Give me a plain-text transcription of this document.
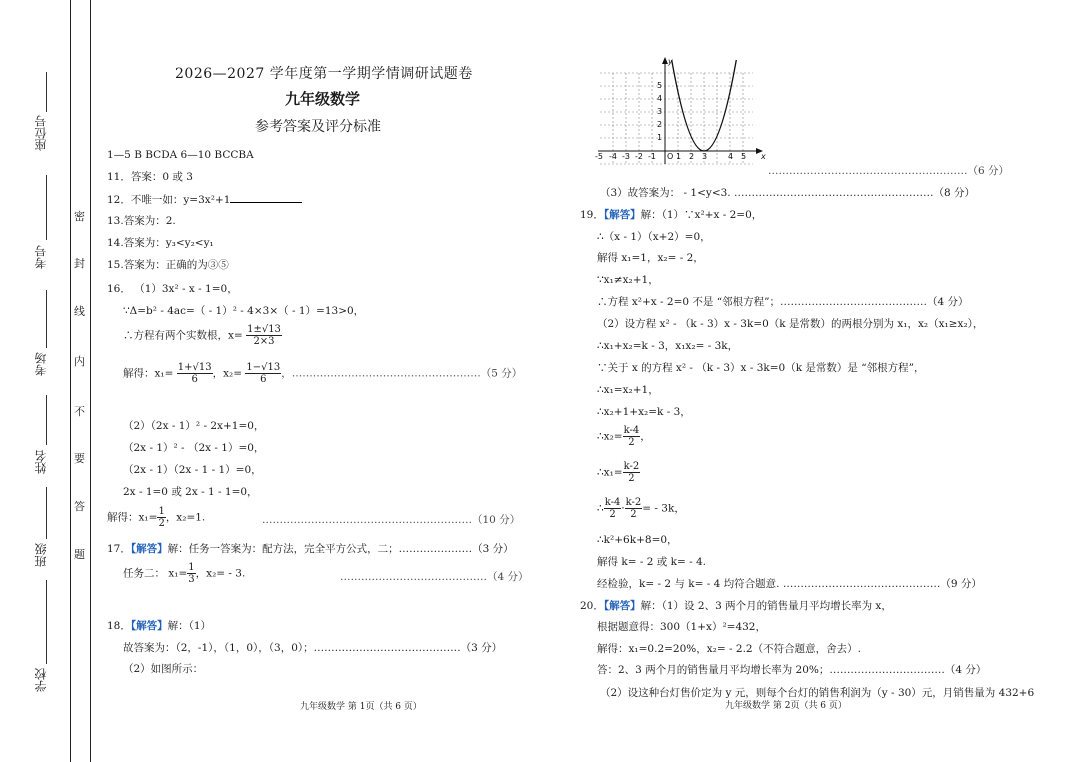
座位号
考号
考场
姓名
班级
学校
密
封
线
内
不
要
答
题
2026—2027 学年度第一学期学情调研试题卷
九年级数学
参考答案及评分标准
1—5 B BCDA 6—10 BCCBA
11．答案：0 或 3
12．不唯一如：y=3x²+1
13.答案为：2.
14.答案为：y₃<y₂<y₁
15.答案为：正确的为③⑤
16． （1）3x² - x - 1=0，
∵Δ=b² - 4ac=（ - 1）² - 4×3×（ - 1）=13>0，
∴方程有两个实数根，$x= \frac{1\pm√13}{2\times 3}$
解得：$x_1= \frac{1+√13}{6}$ ，$x_2= \frac{1-√13}{6}$ ，………………………………………………（5 分）
（2）（2x - 1）² - 2x+1=0，
（2x - 1）² - （2x - 1）=0，
（2x - 1）（2x - 1 - 1）=0，
2x - 1=0 或 2x - 1 - 1=0，
解得：$x_1= \frac{1}{2}$ ，x₂=1.	……………………………………………………（10 分）
17．【解答】解：任务一答案为：配方法，完全平方公式，二；…………………（3 分）
任务二： $x_1= \frac{1}{3}$ ，x₂= - 3.	……………………………………（4 分）
18．【解答】解：（1）
故答案为：（2，-1），（1，0），（3，0）；……………………………………（3 分）
（2）如图所示：
九年级数学 第 1页（共 6 页）
-5 -4 -3 -2 -1	1 2 3	4 5
5
4
3
2
1
x
y
O
…………………………………………………（6 分）
（3）故答案为： - 1<y<3. …………………………………………………（8 分）
19．【解答】解：（1）∵x²+x - 2=0，
∴（x - 1）（x+2）=0，
解得 x₁=1，x₂= - 2，
∵x₁≠x₂+1，
∴方程 x²+x - 2=0 不是 “邻根方程”；……………………………………（4 分）
（2）设方程 x² - （k - 3）x - 3k=0（k 是常数）的两根分别为 x₁，x₂（x₁≥x₂），
∴x₁+x₂=k - 3，x₁x₂= - 3k，
∵关于 x 的方程 x² - （k - 3）x - 3k=0（k 是常数）是 “邻根方程”，
∴x₁=x₂+1，
∴x₂+1+x₂=k - 3，
∴x₂= $\frac{k-4}{2}$ ，
∴x₁= $\frac{k-2}{2}$
∴ $\frac{k-4}{2} \cdot \frac{k-2}{2}$ = - 3k，
∴k²+6k+8=0，
解得 k= - 2 或 k= - 4.
经检验，k= - 2 与 k= - 4 均符合题意. ………………………………………（9 分）
20．【解答】解：（1）设 2、3 两个月的销售量月平均增长率为 x，
根据题意得：300（1+x）²=432，
解得：x₁=0.2=20%，x₂= - 2.2（不符合题意，舍去）.
答：2、3 两个月的销售量月平均增长率为 20%；……………………………（4 分）
（2）设这种台灯售价定为 y 元，则每个台灯的销售利润为（y - 30）元，月销售量为 432+6
九年级数学 第 2页（共 6 页）
